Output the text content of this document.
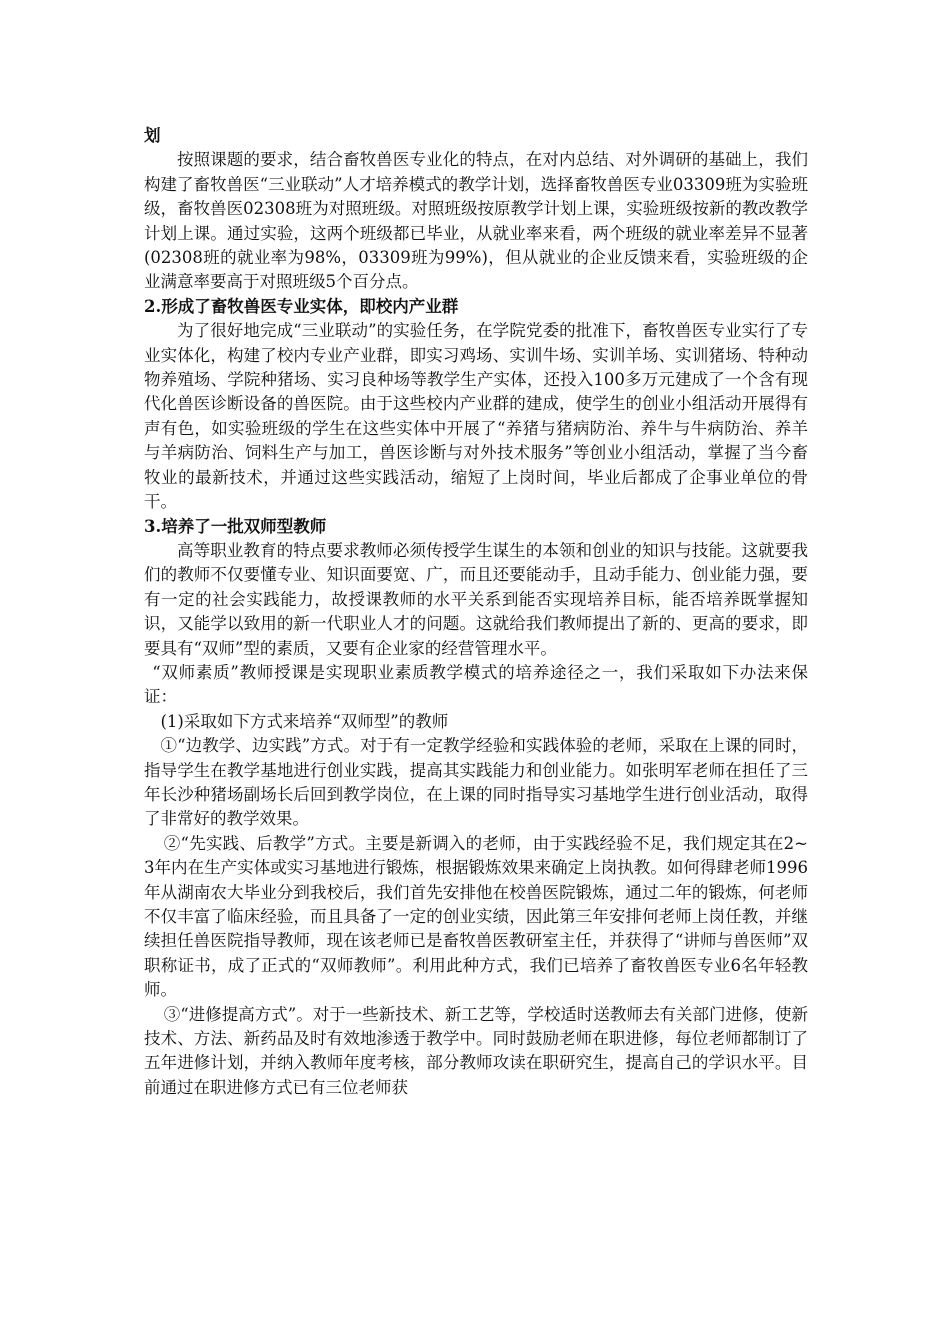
划

按照课题的要求，结合畜牧兽医专业化的特点，在对内总结、对外调研的基础上，我们构建了畜牧兽医“三业联动”人才培养模式的教学计划，选择畜牧兽医专业03309班为实验班级，畜牧兽医02308班为对照班级。对照班级按原教学计划上课，实验班级按新的教改教学计划上课。通过实验，这两个班级都已毕业，从就业率来看，两个班级的就业率差异不显著(02308班的就业率为98%，03309班为99%)，但从就业的企业反馈来看，实验班级的企业满意率要高于对照班级5个百分点。

2.形成了畜牧兽医专业实体，即校内产业群

为了很好地完成“三业联动”的实验任务，在学院党委的批准下，畜牧兽医专业实行了专业实体化，构建了校内专业产业群，即实习鸡场、实训牛场、实训羊场、实训猪场、特种动物养殖场、学院种猪场、实习良种场等教学生产实体，还投入100多万元建成了一个含有现代化兽医诊断设备的兽医院。由于这些校内产业群的建成，使学生的创业小组活动开展得有声有色，如实验班级的学生在这些实体中开展了“养猪与猪病防治、养牛与牛病防治、养羊与羊病防治、饲料生产与加工，兽医诊断与对外技术服务”等创业小组活动，掌握了当今畜牧业的最新技术，并通过这些实践活动，缩短了上岗时间，毕业后都成了企事业单位的骨干。

3.培养了一批双师型教师

高等职业教育的特点要求教师必须传授学生谋生的本领和创业的知识与技能。这就要我们的教师不仅要懂专业、知识面要宽、广，而且还要能动手，且动手能力、创业能力强，要有一定的社会实践能力，故授课教师的水平关系到能否实现培养目标，能否培养既掌握知识，又能学以致用的新一代职业人才的问题。这就给我们教师提出了新的、更高的要求，即要具有“双师”型的素质，又要有企业家的经营管理水平。

“双师素质”教师授课是实现职业素质教学模式的培养途径之一，我们采取如下办法来保证：

(1)采取如下方式来培养“双师型”的教师

①“边教学、边实践”方式。对于有一定教学经验和实践体验的老师，采取在上课的同时，指导学生在教学基地进行创业实践，提高其实践能力和创业能力。如张明军老师在担任了三年长沙种猪场副场长后回到教学岗位，在上课的同时指导实习基地学生进行创业活动，取得了非常好的教学效果。

②“先实践、后教学”方式。主要是新调入的老师，由于实践经验不足，我们规定其在2~3年内在生产实体或实习基地进行锻炼，根据锻炼效果来确定上岗执教。如何得肆老师1996年从湖南农大毕业分到我校后，我们首先安排他在校兽医院锻炼，通过二年的锻炼，何老师不仅丰富了临床经验，而且具备了一定的创业实绩，因此第三年安排何老师上岗任教，并继续担任兽医院指导教师，现在该老师已是畜牧兽医教研室主任，并获得了“讲师与兽医师”双职称证书，成了正式的“双师教师”。利用此种方式，我们已培养了畜牧兽医专业6名年轻教师。

③“进修提高方式”。对于一些新技术、新工艺等，学校适时送教师去有关部门进修，使新技术、方法、新药品及时有效地渗透于教学中。同时鼓励老师在职进修，每位老师都制订了五年进修计划，并纳入教师年度考核，部分教师攻读在职研究生，提高自己的学识水平。目前通过在职进修方式已有三位老师获
